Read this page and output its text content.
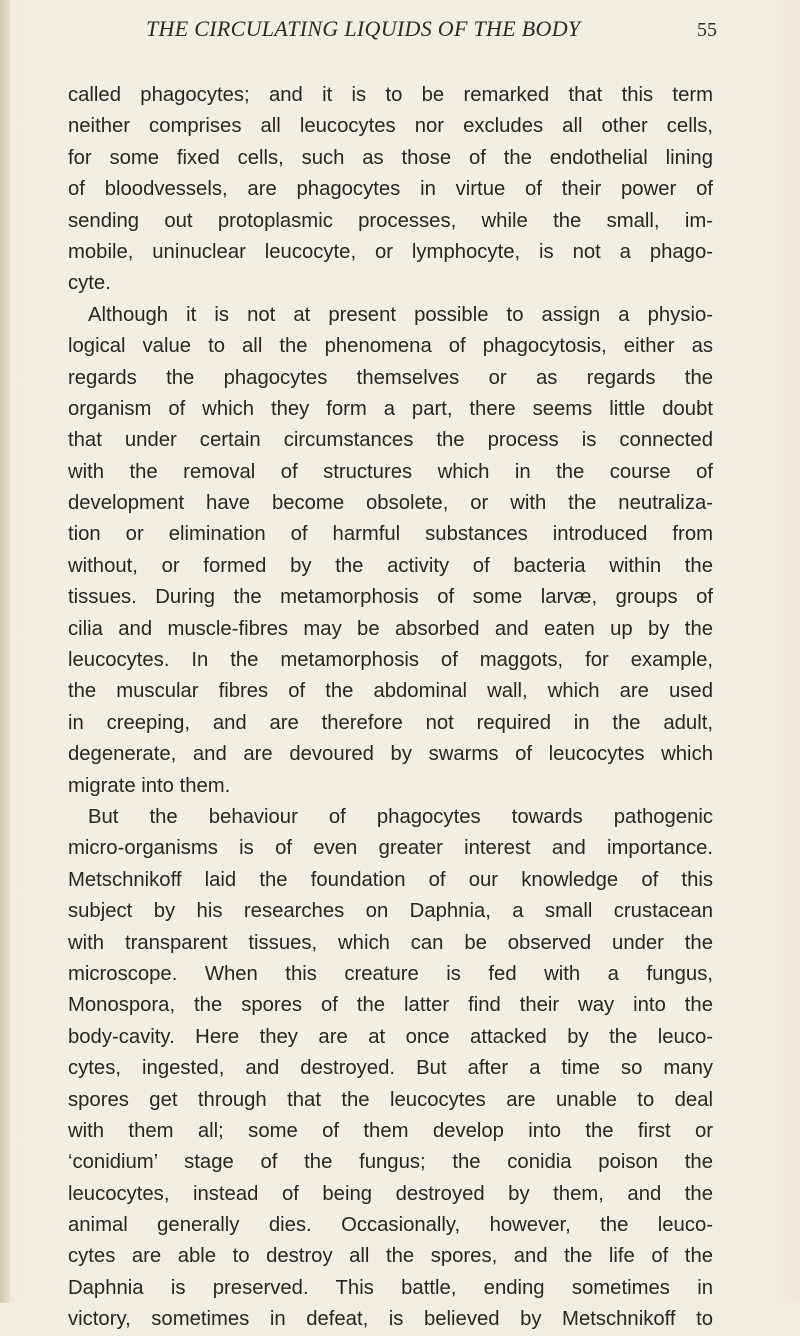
THE CIRCULATING LIQUIDS OF THE BODY	55
called phagocytes; and it is to be remarked that this term
neither comprises all leucocytes nor excludes all other cells,
for some fixed cells, such as those of the endothelial lining
of bloodvessels, are phagocytes in virtue of their power of
sending out protoplasmic processes, while the small, im-
mobile, uninuclear leucocyte, or lymphocyte, is not a phago-
cyte.
Although it is not at present possible to assign a physio-
logical value to all the phenomena of phagocytosis, either as
regards the phagocytes themselves or as regards the
organism of which they form a part, there seems little doubt
that under certain circumstances the process is connected
with the removal of structures which in the course of
development have become obsolete, or with the neutraliza-
tion or elimination of harmful substances introduced from
without, or formed by the activity of bacteria within the
tissues. During the metamorphosis of some larvæ, groups of
cilia and muscle-fibres may be absorbed and eaten up by the
leucocytes. In the metamorphosis of maggots, for example,
the muscular fibres of the abdominal wall, which are used
in creeping, and are therefore not required in the adult,
degenerate, and are devoured by swarms of leucocytes which
migrate into them.
But the behaviour of phagocytes towards pathogenic
micro-organisms is of even greater interest and importance.
Metschnikoff laid the foundation of our knowledge of this
subject by his researches on Daphnia, a small crustacean
with transparent tissues, which can be observed under the
microscope. When this creature is fed with a fungus,
Monospora, the spores of the latter find their way into the
body-cavity. Here they are at once attacked by the leuco-
cytes, ingested, and destroyed. But after a time so many
spores get through that the leucocytes are unable to deal
with them all; some of them develop into the first or
‘conidium’ stage of the fungus; the conidia poison the
leucocytes, instead of being destroyed by them, and the
animal generally dies. Occasionally, however, the leuco-
cytes are able to destroy all the spores, and the life of the
Daphnia is preserved. This battle, ending sometimes in
victory, sometimes in defeat, is believed by Metschnikoff to
